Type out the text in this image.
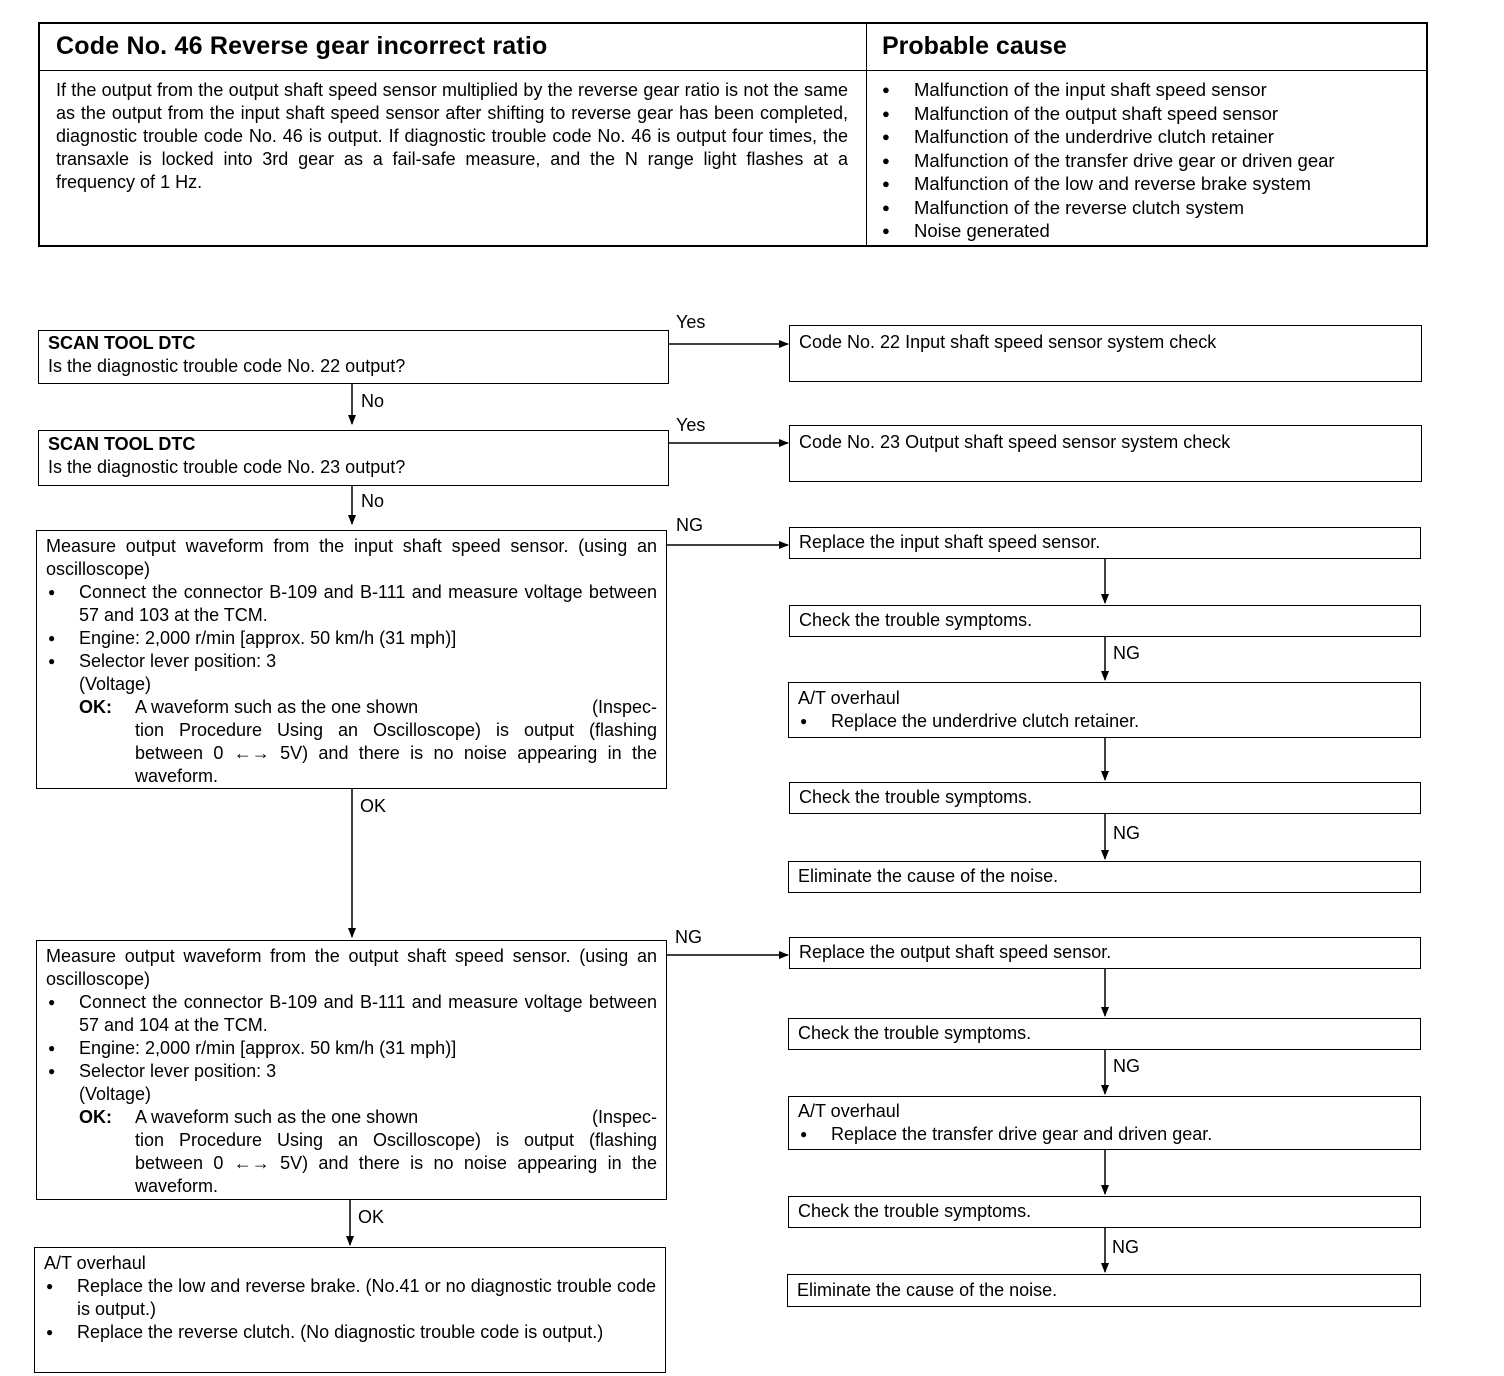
Code No. 46 Reverse gear incorrect ratio	Probable cause
If the output from the output shaft speed sensor multiplied by the reverse gear ratio is not the same as the output from the input shaft speed sensor after shifting to reverse gear has been completed, diagnostic trouble code No. 46 is output. If diagnostic trouble code No. 46 is output four times, the transaxle is locked into 3rd gear as a fail-safe measure, and the N range light flashes at a frequency of 1 Hz.
● Malfunction of the input shaft speed sensor
● Malfunction of the output shaft speed sensor
● Malfunction of the underdrive clutch retainer
● Malfunction of the transfer drive gear or driven gear
● Malfunction of the low and reverse brake system
● Malfunction of the reverse clutch system
● Noise generated
SCAN TOOL DTC
Is the diagnostic trouble code No. 22 output?
SCAN TOOL DTC
Is the diagnostic trouble code No. 23 output?
Measure output waveform from the input shaft speed sensor. (using an oscilloscope)
● Connect the connector B-109 and B-111 and measure voltage between 57 and 103 at the TCM.
● Engine: 2,000 r/min [approx. 50 km/h (31 mph)]
● Selector lever position: 3
(Voltage)
OK: A waveform such as the one shown	(Inspec-
tion Procedure Using an Oscilloscope) is output (flashing between 0 ←→ 5V) and there is no noise appearing in the waveform.
Measure output waveform from the output shaft speed sensor. (using an oscilloscope)
● Connect the connector B-109 and B-111 and measure voltage between 57 and 104 at the TCM.
● Engine: 2,000 r/min [approx. 50 km/h (31 mph)]
● Selector lever position: 3
(Voltage)
OK: A waveform such as the one shown	(Inspec-
tion Procedure Using an Oscilloscope) is output (flashing between 0 ←→ 5V) and there is no noise appearing in the waveform.
A/T overhaul
● Replace the low and reverse brake. (No.41 or no diagnostic trouble code is output.)
● Replace the reverse clutch. (No diagnostic trouble code is output.)
Code No. 22 Input shaft speed sensor system check
Code No. 23 Output shaft speed sensor system check
Replace the input shaft speed sensor.
Check the trouble symptoms.
A/T overhaul
● Replace the underdrive clutch retainer.
Check the trouble symptoms.
Eliminate the cause of the noise.
Replace the output shaft speed sensor.
Check the trouble symptoms.
A/T overhaul
● Replace the transfer drive gear and driven gear.
Check the trouble symptoms.
Eliminate the cause of the noise.
Yes
No
Yes
No
NG
OK
NG
NG
NG
OK
NG
NG
